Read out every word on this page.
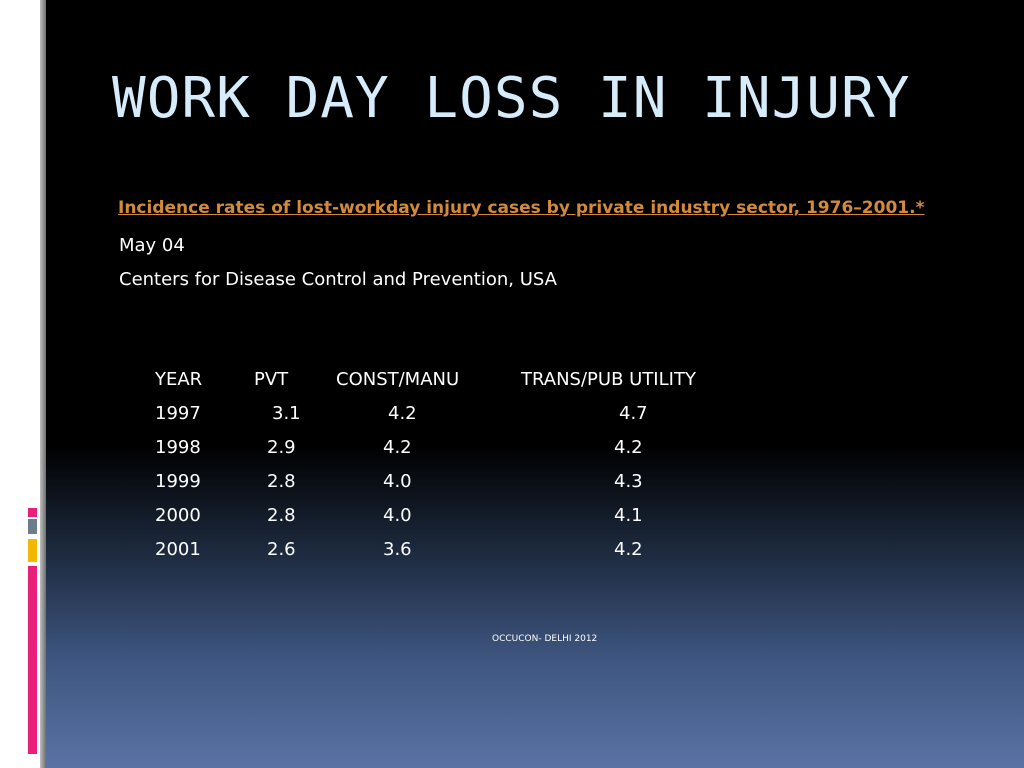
WORK DAY LOSS IN INJURY
Incidence rates of lost-workday injury cases by private industry sector, 1976–2001.*
May 04
Centers for Disease Control and Prevention, USA
YEAR	PVT	CONST/MANU	TRANS/PUB UTILITY
1997	3.1	4.2	4.7
1998	2.9	4.2	4.2
1999	2.8	4.0	4.3
2000	2.8	4.0	4.1
2001	2.6	3.6	4.2
OCCUCON- DELHI 2012
